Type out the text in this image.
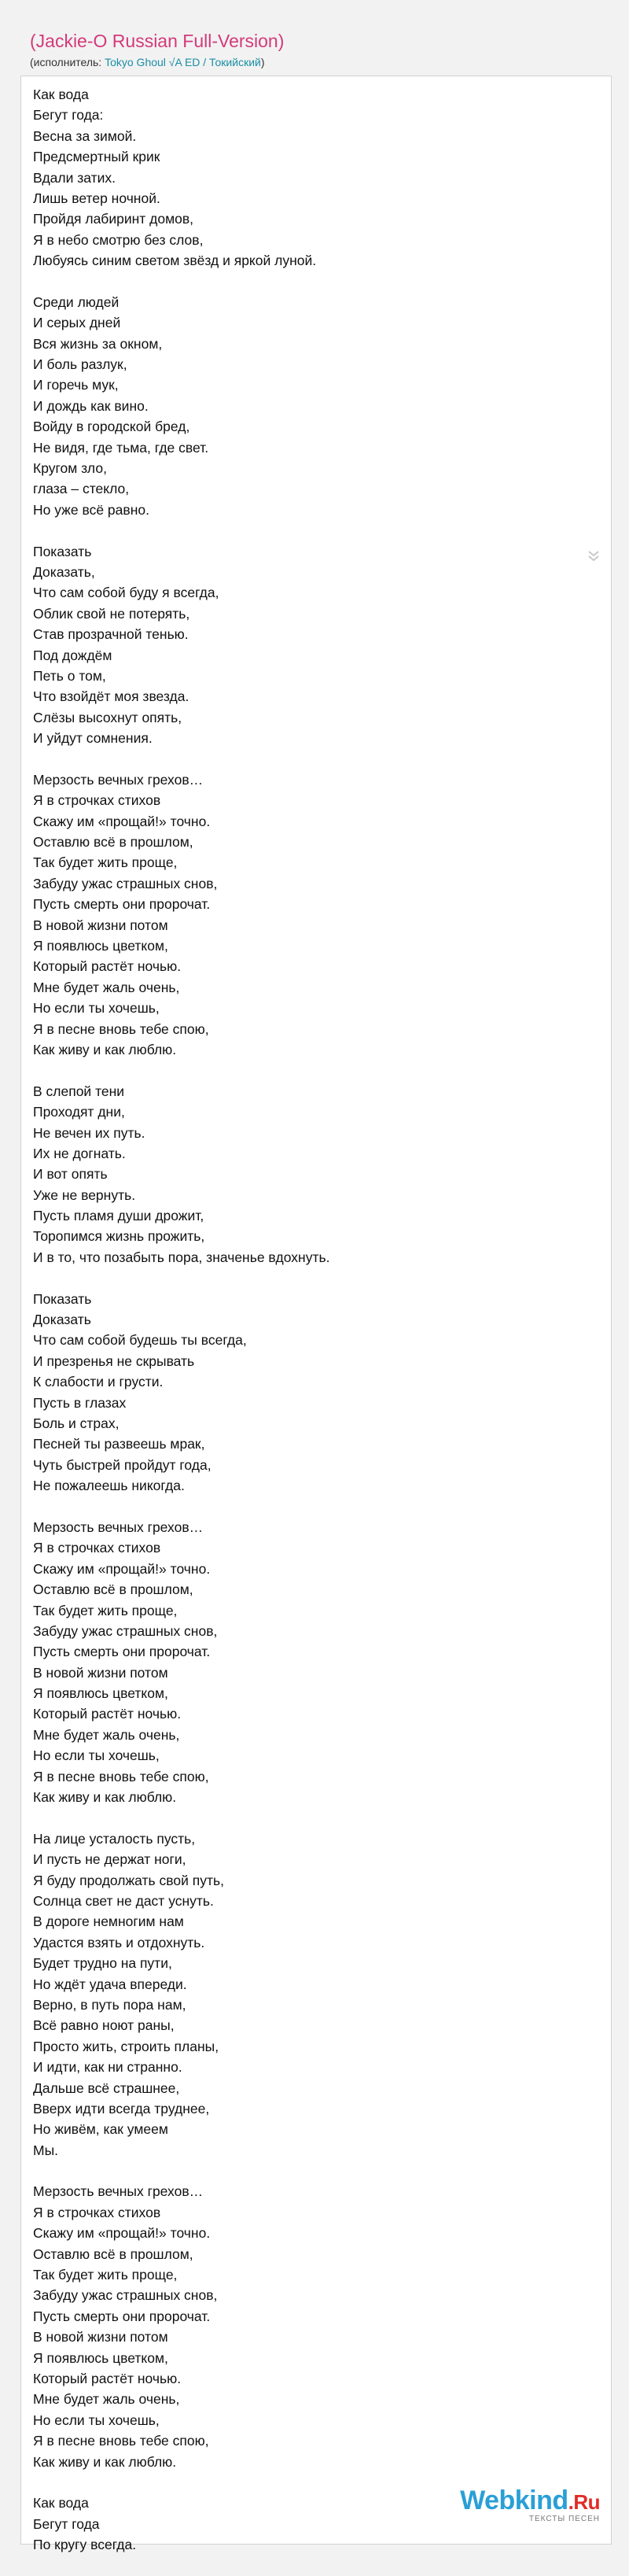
(Jackie-O Russian Full-Version)
(исполнитель: Tokyo Ghoul √A ED / Токийский)
Как вода
Бегут года:
Весна за зимой.
Предсмертный крик
Вдали затих.
Лишь ветер ночной.
Пройдя лабиринт домов,
Я в небо смотрю без слов,
Любуясь синим светом звёзд и яркой луной.
Среди людей
И серых дней
Вся жизнь за окном,
И боль разлук,
И горечь мук,
И дождь как вино.
Войду в городской бред,
Не видя, где тьма, где свет.
Кругом зло,
глаза – стекло,
Но уже всё равно.
Показать
Доказать,
Что сам собой буду я всегда,
Облик свой не потерять,
Став прозрачной тенью.
Под дождём
Петь о том,
Что взойдёт моя звезда.
Слёзы высохнут опять,
И уйдут сомнения.
Мерзость вечных грехов…
Я в строчках стихов
Скажу им «прощай!» точно.
Оставлю всё в прошлом,
Так будет жить проще,
Забуду ужас страшных снов,
Пусть смерть они пророчат.
В новой жизни потом
Я появлюсь цветком,
Который растёт ночью.
Мне будет жаль очень,
Но если ты хочешь,
Я в песне вновь тебе спою,
Как живу и как люблю.
В слепой тени
Проходят дни,
Не вечен их путь.
Их не догнать.
И вот опять
Уже не вернуть.
Пусть пламя души дрожит,
Торопимся жизнь прожить,
И в то, что позабыть пора, значенье вдохнуть.
Показать
Доказать
Что сам собой будешь ты всегда,
И презренья не скрывать
К слабости и грусти.
Пусть в глазах
Боль и страх,
Песней ты развеешь мрак,
Чуть быстрей пройдут года,
Не пожалеешь никогда.
Мерзость вечных грехов…
Я в строчках стихов
Скажу им «прощай!» точно.
Оставлю всё в прошлом,
Так будет жить проще,
Забуду ужас страшных снов,
Пусть смерть они пророчат.
В новой жизни потом
Я появлюсь цветком,
Который растёт ночью.
Мне будет жаль очень,
Но если ты хочешь,
Я в песне вновь тебе спою,
Как живу и как люблю.
На лице усталость пусть,
И пусть не держат ноги,
Я буду продолжать свой путь,
Солнца свет не даст уснуть.
В дороге немногим нам
Удастся взять и отдохнуть.
Будет трудно на пути,
Но ждёт удача впереди.
Верно, в путь пора нам,
Всё равно ноют раны,
Просто жить, строить планы,
И идти, как ни странно.
Дальше всё страшнее,
Вверх идти всегда труднее,
Но живём, как умеем
Мы.
Мерзость вечных грехов…
Я в строчках стихов
Скажу им «прощай!» точно.
Оставлю всё в прошлом,
Так будет жить проще,
Забуду ужас страшных снов,
Пусть смерть они пророчат.
В новой жизни потом
Я появлюсь цветком,
Который растёт ночью.
Мне будет жаль очень,
Но если ты хочешь,
Я в песне вновь тебе спою,
Как живу и как люблю.
Как вода
Бегут года
По кругу всегда.
Webkind.Ru
ТЕКСТЫ ПЕСЕН
